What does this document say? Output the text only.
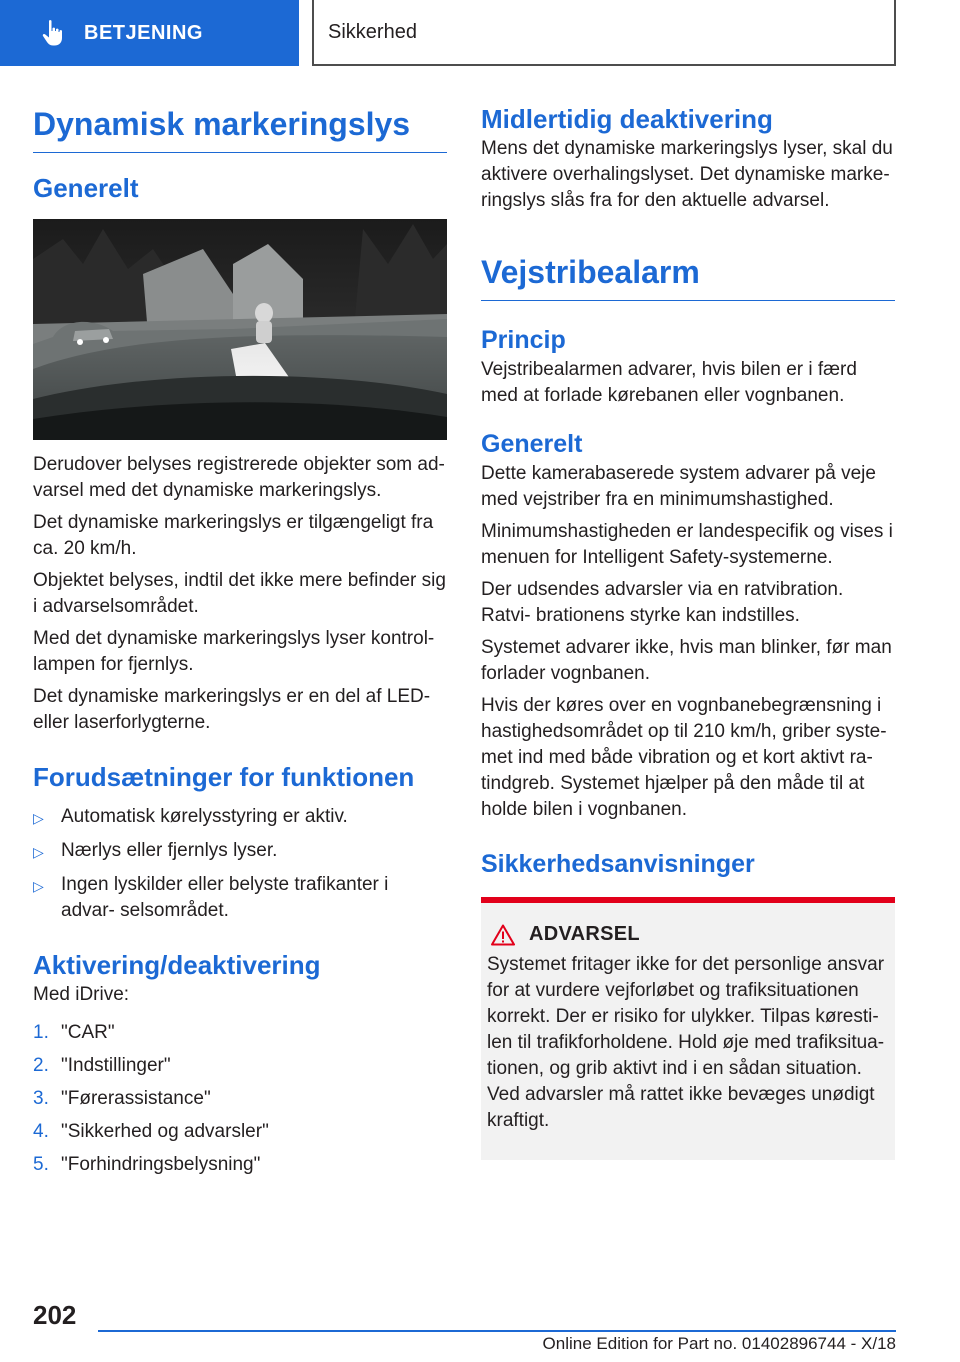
BETJENING	Sikkerhed
Dynamisk markeringslys
Generelt

Derudover belyses registrerede objekter som ad‐ varsel med det dynamiske markeringslys.

Det dynamiske markeringslys er tilgængeligt fra ca. 20 km/h.

Objektet belyses, indtil det ikke mere befinder sig i advarselsområdet.

Med det dynamiske markeringslys lyser kontrol‐ lampen for fjernlys.

Det dynamiske markeringslys er en del af LED- eller laserforlygterne.

Forudsætninger for funktionen
▷ Automatisk kørelysstyring er aktiv.
▷ Nærlys eller fjernlys lyser.
▷ Ingen lyskilder eller belyste trafikanter i advar‐ selsområdet.
Aktivering/deaktivering

Med iDrive:

1. "CAR"
2. "Indstillinger"
3. "Førerassistance"
4. "Sikkerhed og advarsler"
5. "Forhindringsbelysning"
Midlertidig deaktivering

Mens det dynamiske markeringslys lyser, skal du aktivere overhalingslyset. Det dynamiske marke‐ ringslys slås fra for den aktuelle advarsel.

Vejstribealarm
Princip

Vejstribealarmen advarer, hvis bilen er i færd med at forlade kørebanen eller vognbanen.

Generelt

Dette kamerabaserede system advarer på veje med vejstriber fra en minimumshastighed.

Minimumshastigheden er landespecifik og vises i menuen for Intelligent Safety-systemerne.

Der udsendes advarsler via en ratvibration. Ratvi‐ brationens styrke kan indstilles.

Systemet advarer ikke, hvis man blinker, før man forlader vognbanen.

Hvis der køres over en vognbanebegrænsning i hastighedsområdet op til 210 km/h, griber syste‐ met ind med både vibration og et kort aktivt ra‐ tindgreb. Systemet hjælper på den måde til at holde bilen i vognbanen.

Sikkerhedsanvisninger
ADVARSEL

Systemet fritager ikke for det personlige ansvar for at vurdere vejforløbet og trafiksituationen korrekt. Der er risiko for ulykker. Tilpas køresti‐ len til trafikforholdene. Hold øje med trafiksitua‐ tionen, og grib aktivt ind i en sådan situation. Ved advarsler må rattet ikke bevæges unødigt kraftigt.

202
Online Edition for Part no. 01402896744 - X/18
